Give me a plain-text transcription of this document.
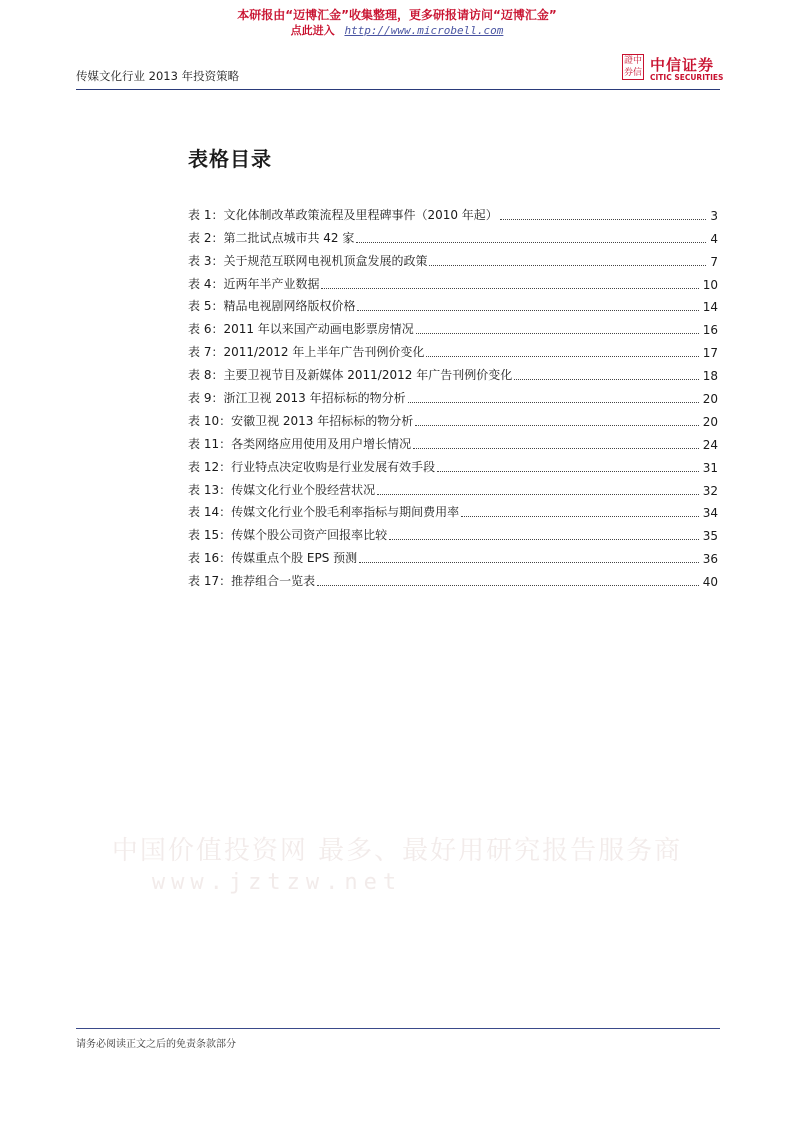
本研报由“迈博汇金”收集整理，更多研报请访问“迈博汇金”
点此进入 http://www.microbell.com
传媒文化行业 2013 年投资策略
證中券信 中信证券
CITIC SECURITIES
中国价值投资网 最多、最好用研究报告服务商
www.jztzw.net
表格目录
表 1：文化体制改革政策流程及里程碑事件（2010 年起）	3
表 2：第二批试点城市共 42 家	4
表 3：关于规范互联网电视机顶盒发展的政策	7
表 4：近两年半产业数据	10
表 5：精品电视剧网络版权价格	14
表 6：2011 年以来国产动画电影票房情况	16
表 7：2011/2012 年上半年广告刊例价变化	17
表 8：主要卫视节目及新媒体 2011/2012 年广告刊例价变化	18
表 9：浙江卫视 2013 年招标标的物分析	20
表 10：安徽卫视 2013 年招标标的物分析	20
表 11：各类网络应用使用及用户增长情况	24
表 12：行业特点决定收购是行业发展有效手段	31
表 13：传媒文化行业个股经营状况	32
表 14：传媒文化行业个股毛利率指标与期间费用率	34
表 15：传媒个股公司资产回报率比较	35
表 16：传媒重点个股 EPS 预测	36
表 17：推荐组合一览表	40
请务必阅读正文之后的免责条款部分
